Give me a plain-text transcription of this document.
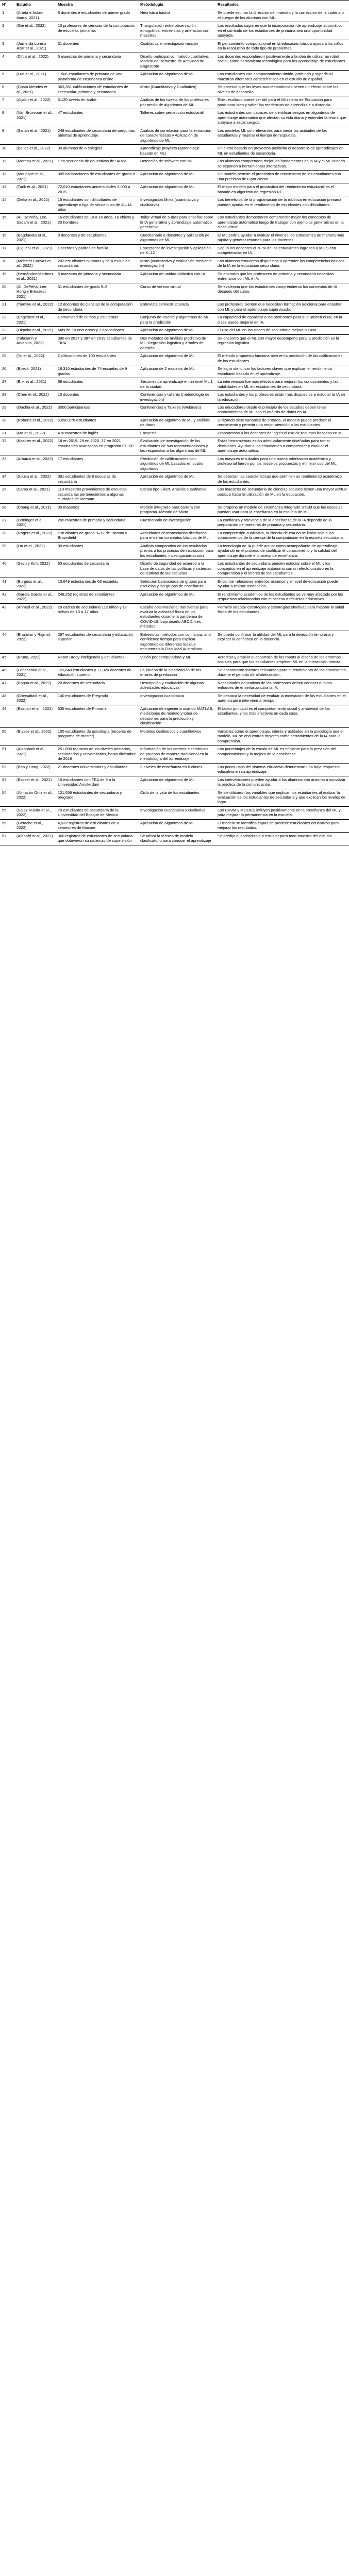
Nº	Estudio	Muestra	Metodología	Resultados
1	(Arteta e Irulas-Ibarra, 2021)	6 docentes e estudiantes de primer grado	Heurística básica	Se puede estimar la dirección del maestro y la corrección de la cadena o el cuerpo de los alumnos con ML.
2	(Gie et al., 2022)	10 profesores de ciencias de la computación de escuelas primarias	Triangulación entre observación etnográfica, entrevistas y artefactos con maestros	Los resultados sugieren que la incorporación de aprendizaje automático en el currículo de los estudiantes de primaria sea una oportunidad apoyada.
3	(Jurnerda Lorenz Azar et al., 2021)	31 docentes	Cualitativa e investigación-acción	El pensamiento computacional en la educación básica ayuda a los niños en la resolución de todo tipo de problemas.
4	(Ciftia et al., 2022)	5 maestros de primaria y secundaria	Diseño participativo, método cualitativo, Modelo del semestre de Actividad de Engeström	Los docentes respondieron positivamente a la idea de utilizar un robot social, como herramienta tecnológica para los aprendizaje de estudiantes.
5	(Luo et al., 2021)	1.506 estudiantes de primaria de una plataforma de enseñanza online	Aplicación de algoritmos de ML	Los estudiantes con comportamiento tímido, profundo y superficial muestran diferentes características en el estudio de español.
6	(Costa Mendes et al., 2021)	363,361 calificaciones de estudiantes de Preescolar, primaria y secundaria	Mixto (Cuantitativo y Cualitativo)	Se observó que las leyes socioeconómicas tienen un efecto sobre los niveles de desarrollo.
7	(Aljabri et al., 2022)	3.120 tweets en árabe	Análisis de los tweets de los profesores por medio de algoritmos de ML	Este resultado puede ser útil para el Ministerio de Educación para posicionar bien y saber las tendencias de aprendizaje a distancia.
8	(Van Bruxvoort et al., 2021)	47 estudiantes	Talleres sobre percepción estudiantil	Los estudiantes son capaces de identificar sesgos en algoritmos de aprendizaje automático que afectan su vida diaria y entender la teoría que subyace a estos sesgos.
9	(Saltan et al., 2021)	248 estudiantes de secundaria de preguntas abiertas de aprendizaje	Análisis de correlación para la extracción de características y Aplicación de algoritmos de ML	Los modelos ML son relevantes para medir las actitudes de los estudiantes y mejorar el tiempo de respuesta.
10	(Bellas et al., 2022)	30 alumnos de 6 colegios	Aprendizaje proyecto (aprendizaje basado en ML)	Un curso basado en proyectos posibilita el desarrollo de aprendizajes en ML en estudiantes de secundaria.
11	(Moreau et al., 2021)	Una secuencia de educativas de 94.6%	Detección de software con ML	Los alumnos comprenden mejor los fundamentos de la IA y el ML cuando se exponen a herramientas interactivas.
12	(Mounque et al., 2021)	305 calificaciones de estudiantes de grado 8	Aplicación de algoritmos de ML	Un modelo permite el pronóstico de rendimiento de los estudiantes con una precisión de 8 por ciento.
13	(Tarik et al., 2021)	72,010 estudiantes universidades 2,000 a 2015	Aplicación de algoritmos de ML	El mejor modelo para el pronóstico del rendimiento estudiantil es el basado en algoritmo de regresión RF.
14	(Zieka et al., 2022)	15 estudiantes con dificultades de aprendizaje o liga de secuencias de 11–14 años	Investigación Mixta (cuantitativa y cualitativa)	Los beneficios de la programación de la robótica en educación primaria pueden ayudar en el rendimiento de estudiantes con dificultades.
15	(Al, DePeña, Lee, Sadam et al., 2021)	16 estudiantes de 10 a 16 años, 16 chicos y 20 hombres	Taller virtual de 5 días para enseñar sobre la IA generativa y aprendizaje automático generativo	Los estudiantes demostraron comprender mejor los conceptos de aprendizaje automático luego de trabajar con ejemplos generativos en la clase virtual.
16	(Bagdanata et al., 2021)	8 docentes y 86 estudiantes	Cuestionario a docentes y aplicación de algoritmos de ML	El ML podría ayudar a evaluar el nivel de los estudiantes de manera más rápida y generar reportes para los docentes.
17	(Elguchi et al., 2021)	Docentes y padres de familia	Espectador de investigación y aplicación de K–12	Según los docentes el 70 % de los estudiantes ingresan a la ES con competencias en IA.
18	(Mehmet Cuevas et al., 2022)	203 estudiantes alumnos y de 4 escuelas secundarias	Mixto (cuantitativo y evaluación mediante investigación)	Los alumnos estuvieron dispuestos a aprender las competencias básicas de la IA en la educación secundaria.
19	(Hernández-Martínez et al., 2021)	6 maestros de primaria y secundaria	Aplicación de unidad didáctica con IA	Se encontró que los profesores de primaria y secundaria necesitan entrenarse con ML e IA.
20	(Al, DePeña, Lee, Hong y Breazeal, 2021)	31 estudiantes de grado 5–9	Curso de verano virtual	Se evidencia que los estudiantes comprendieron los conceptos de IA después del curso.
21	(Tiamiyu et al., 2022)	12 docentes de ciencias de la computación de secundaria	Entrevista semiestructurada	Los profesores sienten que necesitan formación adicional para enseñar con ML y para el aprendizaje supervisado.
22	(Engelbert et al., 2021)	Comunidad de cursos y 250 temas	Conjunto de Puente y algoritmos de ML para la predicción	La capacidad de capacitar a los profesores para que utilicen el ML en la clase puede mejorar en IA.
23	(Okpoko et al., 2021)	Más de 10 encuestas y 3 aplicaciones	Aplicación de algoritmos de ML	El uso del ML en las clases de secundaria mejora su uso.
24	(Tafasarin y Arvanitis, 2022)	390 en 2017 y 387 en 2019 estudiantes de TIPA	Dos métodos de análisis predictivo de ML: Regresión logística y árboles de decisión	Se encontró que el ML con mayor desempeño para la predicción es la regresión logística.
25	(Yu et al., 2022)	Calificaciones de 100 estudiantes	Aplicación de algoritmos de ML	El método propuesto funciona bien en la predicción de las calificaciones de los estudiantes.
26	(Boeck, 2021)	16,310 estudiantes de 74 escuelas de 9 grados	Aplicación de 2 modelos de ML	Se logró identificar los factores claves que explican el rendimiento estudiantil basado en el aprendizaje.
27	(Erik et al., 2021)	66 estudiantes	Sesiones de aprendizaje en un nivel ML 1 de la ciudad	La intervención fue más efectiva para mejorar los conocimientos y las habilidades en ML en estudiantes de secundaria.
28	(Chen et al., 2022)	10 docentes	Conferencias y talleres (metodología de investigación)	Los estudiantes y los profesores están más dispuestos a estudiar la IA en la educación.
29	(Ouchia et al., 2022)	3000 participantes	Conferencias y Talleres (Webinars)	Los educadores desde el principio de los estudios deben tener conocimientos de ML con el análisis de datos en IA.
30	(Roberts et al., 2022)	5.090.270 estudiantes	Aplicación de algoritmo de ML y análisis de datos	Utilizando siete variables de entrada, el modelo puede predecir el rendimiento y permitir una mejor atención a los estudiantes.
31	(Ma et al., 2022)	470 maestros de inglés	Encuesta	Proponemos a los docentes de inglés el uso de recursos basados en ML.
32	(Kastner et al., 2022)	18 en 2019, 29 en 2020, 37 en 2021 estudiantes avanzados en programa ECISP	Evaluación de investigación de los estudiantes de sus recomendaciones y las respuestas a los algoritmos de ML	Estas herramientas están adecuadamente diseñadas para tomar decisiones. Ayudan a los estudiantes a comprender y evaluar el aprendizaje automático.
33	(Arbaiza et al., 2022)	17 estudiantes	Predicción de calificaciones con algoritmos de ML basados en cuatro algoritmos	Los mayores resultados para una buena orientación académica y profesional fueron por los modelos propuestos y el mejor uso del ML.
34	(Sousa et al., 2022)	391 estudiantes de 6 escuelas de secundaria	Aplicación de algoritmos de ML	Se detectan las características que permiten un rendimiento académico de los estudiantes.
35	(Samo et al., 2021)	119 maestros provenientes de escuelas secundarias pertenecientes a algunas ciudades de Vietnam	Escala tipo Likert. Análisis cuantitativo	Los maestros de secundaria de ciencias sociales tienen una mayor actitud positiva hacia la utilización de ML en la educación.
36	(Chang et al., 2021)	30 maestros	Modelo integrado para carrera con programa. Método de Mixto	Se propone un modelo de enseñanza integrado STEM que las escuelas puedan usar para la enseñanza en la escuela de ML.
37	(Leininger et al., 2021)	265 maestros de primaria y secundaria	Cuestionario de investigación	La confianza y relevancia de la enseñanza de la IA depende de la preparación de maestros de primaria y secundaria.
38	(Rogers et al., 2022)	Estudiantes de grado 9–12 de Toronto y Brownfield	Actividades desconectadas diseñadas para enseñar conceptos básicos de ML	La comprensión cualitativa, la ciencia de esa no se limita solo a los conocimientos de la ciencia de la computación en la escuela secundaria.
39	(Liu et al., 2022)	80 estudiantes	Análisis comparativo de los resultados previos a los procesos de instrucción para los estudiantes, investigación-acción	La tecnología de IA puede actuar como acompañante de aprendizaje, ayudando en el proceso de cualificar el conocimiento y la calidad del aprendizaje durante el proceso de enseñanza.
40	(Sevu y Kim, 2022)	63 estudiantes de secundaria	Diseño de seguridad de acuerdo a la base de datos de las políticas y sistemas educativos de las escuelas	Los estudiantes de secundaria pueden estudiar sobre el ML y los conceptos en el aprendizaje autónomo con un efecto positivo en la comprensión y el interés de los estudiantes.
41	(Burgess et al., 2022)	10,649 estudiantes de 63 escuelas	Selección balanceada de grupos para escuelas y los grupos de enseñanza	Encontrar relaciones entre los alumnos y el nivel de educación puede ayudar a revisar tendencias.
42	(García García et al., 2022)	248,252 registros de estudiantes	Aplicación de algoritmos de ML	El rendimiento académico de los estudiantes se ve muy afectado por las respuestas relacionadas con el acceso a recursos educativos.
43	(Ahmed et al., 2022)	29 cadres de secundaria 112 niños y 17 hidsos de 13 a 17 años	Estudio observacional transversal para evaluar la actividad física en los estudiantes durante la pandemia de COVID-19, bajo diseño ABCD: tres métodos	Permitió adaptar estrategias y estrategias efectivas para mejorar la salud física de los estudiantes.
44	(Bhanwar y Rajmal, 2022)	297 estudiantes de secundaria y educación superior	Entrevistas, métodos con confianza, and confidence tiempo para explicar algoritmos de diferentes los que encuentran la Fiabilidad Australiana	Se puede confirmar la utilidad del ML para la detección temprana y explicar la confianza en la docencia.
45	(Bruno, 2021)	Robot Brody inteligencia y estudiantes	Visión por computadora y ML	Acreditar y ampliar el desarrollo de los robots al diseño de los entornos sociales para que los estudiantes empleen ML en la interacción directa.
46	(Fenchenko et al., 2021)	123,640 estudiantes y 17,920 docentes de educación superior	La prueba de la clasificación de los errores de predicción	Se encontraron factores relevantes para el rendimiento de los estudiantes durante el periodo de alfabetización.
47	(Bogna et al., 2022)	20 docentes de secundaria	Descripción y evaluación de algunas actividades educativas	Necesidades educativas de los profesores deben conocer nuevos enfoques de enseñanza para la IA.
48	(Chrysafiadi et al., 2022)	140 estudiantes de Pregrado	Investigación cuantitativa	Se destaca la necesidad de evaluar la motivación de los estudiantes en el aprendizaje e intervenir a tiempo.
49	(Bastian et al., 2022)	635 estudiantes de Primaria	Aplicación de ingeniería usando MATLAB, mediciones de modelo y toma de decisiones para la predicción y clasificación	El factor principal es el comportamiento social y ambiental de los estudiantes, y los más efectivos en cada caso.
50	(Blasse et al., 2022)	100 estudiantes de psicología (terceros de programa de master)	Modelos cualitativos y cuantitativos	Variables como el aprendizaje, interés y actitudes en la psicología que el modelo, ML se encuentran mejores como herramientas de la IA para la comprensión.
51	(Aldoghaili et al., 2021)	251.890 registros de los niveles primarios, secundarios y universitarios, hasta diciembre de 2019	Información de los correos electrónicos de pruebas de manera tradicional en la metodología del aprendizaje	Los porcentajes de la escala de ML es eficiente para la previsión del comportamiento y la mejora de la enseñanza.
52	(Bao y Hong, 2022)	21 docentes universitarios y estudiantes	3 niveles de enseñanza en 6 clases	Los pocos usos del sistema educativo demuestran una baja respuesta educativa en su aprendizaje.
53	(Bakker et al., 2022)	16 estudiantes con TEA de 9 a la Universidad Amsterdam	Aplicación de algoritmos de ML	Las intervenciones pueden ayudar a los alumnos con autismo a socializar la práctica de la comunicación.
54	(Almazán Ortiz et al., 2022)	121,556 estudiantes de secundaria y pregrado	Ciclo de la vida de los estudiantes	Se identificaron las variables que implican los estudiantes al realizar la evaluación de los estudiantes de secundaria y que explican los niveles de logro.
55	(Saiaz Rueda et al., 2022)	70 estudiantes de secundaria de la Universidad del Bosque de Mexico	Investigación cuantitativa y cualitativa	Los CVVM y MOOCS influyen positivamente en la enseñanza del ML y para mejorar la permanencia en la escuela.
56	(Getache et al., 2022)	4,532 registros de estudiantes de 8 semestres de Masare	Aplicación de algoritmos de ML	El modelo se identifica capaz de predecir estudiantes educativos para mejorar los resultados.
57	(Aldhafri et al., 2021)	360 registros de estudiantes de secundaria que obtuvieron su sistemas de supervisión	Se utiliza la técnica de modelo clasificatorio para conocer el aprendizaje	Se predijo el aprendizaje a estudiar para toda muestra del estudio.
